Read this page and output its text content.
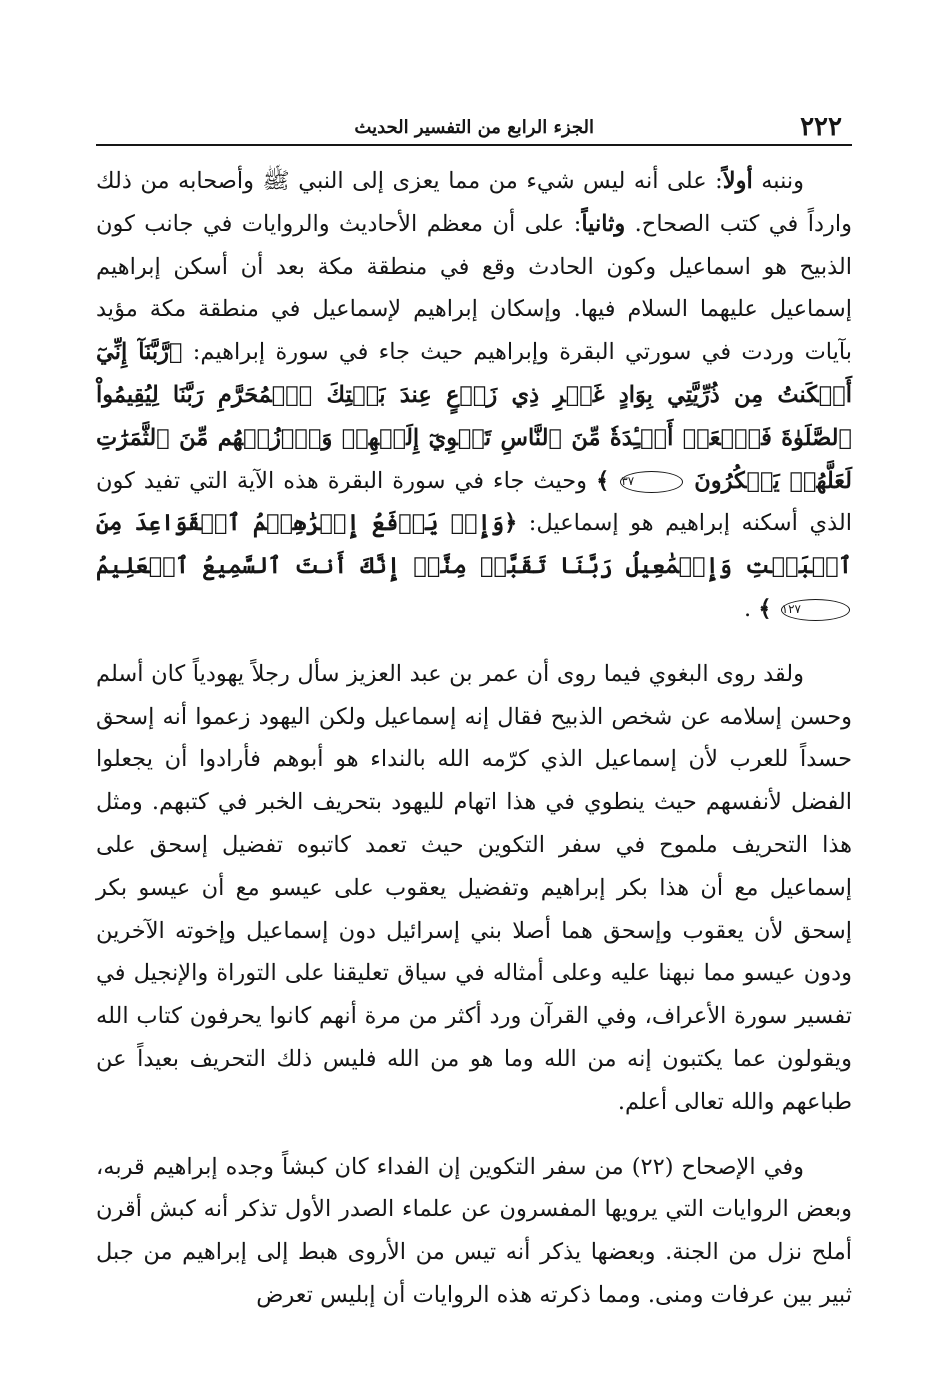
٢٢٢
الجزء الرابع من التفسير الحديث

وننبه أولاً: على أنه ليس شيء من مما يعزى إلى النبي ﷺ وأصحابه من ذلك وارداً في كتب الصحاح. وثانياً: على أن معظم الأحاديث والروايات في جانب كون الذبيح هو اسماعيل وكون الحادث وقع في منطقة مكة بعد أن أسكن إبراهيم إسماعيل عليهما السلام فيها. وإسكان إبراهيم لإسماعيل في منطقة مكة مؤيد بآيات وردت في سورتي البقرة وإبراهيم حيث جاء في سورة إبراهيم: ﴿رَّبَّنَآ إِنِّيٓ أَسۡكَنتُ مِن ذُرِّيَّتِي بِوَادٍ غَيۡرِ ذِي زَرۡعٍ عِندَ بَيۡتِكَ ٱلۡمُحَرَّمِ رَبَّنَا لِيُقِيمُواْ ٱلصَّلَوٰةَ فَٱجۡعَلۡ أَفۡـِٔدَةٗ مِّنَ ٱلنَّاسِ تَهۡوِيٓ إِلَيۡهِمۡ وَٱرۡزُقۡهُم مِّنَ ٱلثَّمَرَٰتِ لَعَلَّهُمۡ يَشۡكُرُونَ ٣٧ ﴾ وحيث جاء في سورة البقرة هذه الآية التي تفيد كون الذي أسكنه إبراهيم هو إسماعيل: ﴿وَإِذۡ يَرۡفَعُ إِبۡرَٰهِـۧمُ ٱلۡقَوَاعِدَ مِنَ ٱلۡبَيۡتِ وَإِسۡمَٰعِيلُ رَبَّنَا تَقَبَّلۡ مِنَّآۖ إِنَّكَ أَنتَ ٱلسَّمِيعُ ٱلۡعَلِيمُ ١٢٧ ﴾ .

ولقد روى البغوي فيما روى أن عمر بن عبد العزيز سأل رجلاً يهودياً كان أسلم وحسن إسلامه عن شخص الذبيح فقال إنه إسماعيل ولكن اليهود زعموا أنه إسحق حسداً للعرب لأن إسماعيل الذي كرّمه الله بالنداء هو أبوهم فأرادوا أن يجعلوا الفضل لأنفسهم حيث ينطوي في هذا اتهام لليهود بتحريف الخبر في كتبهم. ومثل هذا التحريف ملموح في سفر التكوين حيث تعمد كاتبوه تفضيل إسحق على إسماعيل مع أن هذا بكر إبراهيم وتفضيل يعقوب على عيسو مع أن عيسو بكر إسحق لأن يعقوب وإسحق هما أصلا بني إسرائيل دون إسماعيل وإخوته الآخرين ودون عيسو مما نبهنا عليه وعلى أمثاله في سياق تعليقنا على التوراة والإنجيل في تفسير سورة الأعراف، وفي القرآن ورد أكثر من مرة أنهم كانوا يحرفون كتاب الله ويقولون عما يكتبون إنه من الله وما هو من الله فليس ذلك التحريف بعيداً عن طباعهم والله تعالى أعلم.

وفي الإصحاح (٢٢) من سفر التكوين إن الفداء كان كبشاً وجده إبراهيم قربه، وبعض الروايات التي يرويها المفسرون عن علماء الصدر الأول تذكر أنه كبش أقرن أملح نزل من الجنة. وبعضها يذكر أنه تيس من الأروى هبط إلى إبراهيم من جبل ثبير بين عرفات ومنى. ومما ذكرته هذه الروايات أن إبليس تعرض
